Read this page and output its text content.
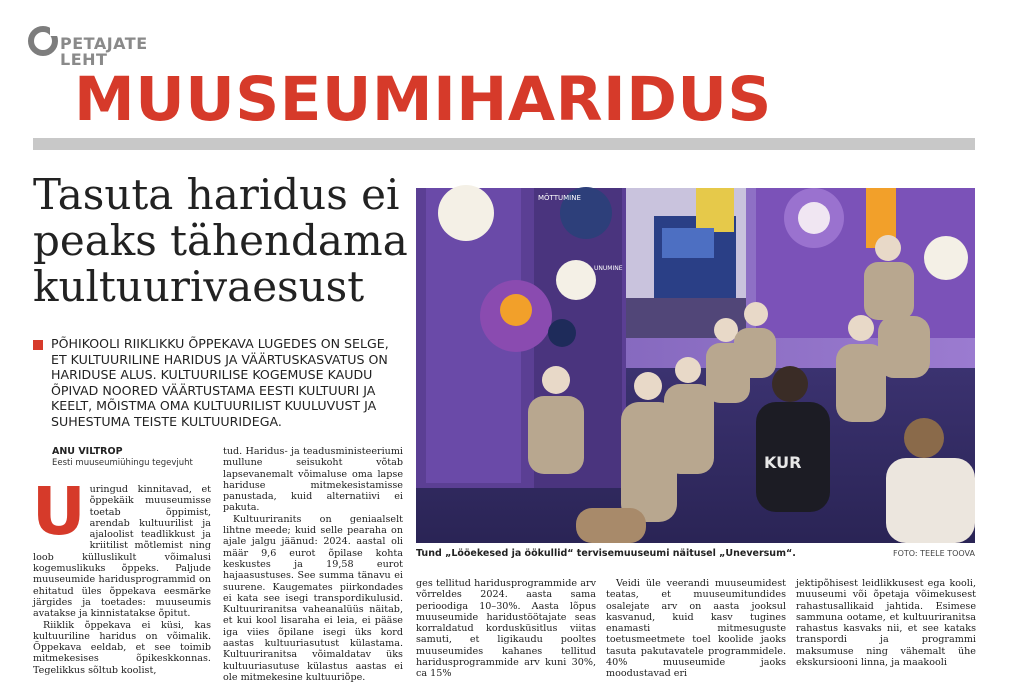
PETAJATE
LEHT
MUUSEUMIHARIDUS
Tasuta haridus ei peaks tähendama kultuurivaesust
PÕHIKOOLI RIIKLIKKU ÕPPEKAVA LUGEDES ON SELGE, ET KULTUURILINE HARIDUS JA VÄÄRTUSKASVATUS ON HARIDUSE ALUS. KULTUURILISE KOGEMUSE KAUDU ÕPIVAD NOORED VÄÄRTUSTAMA EESTI KULTUURI JA KEELT, MÕISTMA OMA KULTUURILIST KUULUVUST JA SUHESTUMA TEISTE KULTUURIDEGA.
ANU VILTROP
Eesti muuseumiühingu tegevjuht
U uringud kinnitavad, et õppekäik muuseumisse toetab õppimist, arendab kultuurilist ja ajaloolist teadlikkust ja kriitilist mõtlemist ning loob külluslikult võimalusi kogemuslikuks õppeks. Paljude muuseumide haridusprogrammid on ehitatud üles õppekava eesmärke järgides ja toetades: muuseumis avatakse ja kinnistatakse õpitut.

Riiklik õppekava ei küsi, kas kultuuriline haridus on võimalik. Õppekava eeldab, et see toimib mitmekesises õpikeskkonnas. Tegelikkus sõltub koolist,

tud. Haridus- ja teadusministeeriumi mullune seisukoht võtab lapsevanemalt võimaluse oma lapse hariduse mitmekesistamisse panustada, kuid alternatiivi ei pakuta.

Kultuuriranits on geniaalselt lihtne meede; kuid selle pearaha on ajale jalgu jäänud: 2024. aastal oli määr 9,6 eurot õpilase kohta keskustes ja 19,58 eurot hajaasustuses. See summa tänavu ei suurene. Kaugemates piirkondades ei kata see isegi transpordikulusid. Kultuuriranitsa vaheanalüüs näitab, et kui kool lisaraha ei leia, ei pääse iga viies õpilane isegi üks kord aastas kultuuriasutust külastama. Kultuuriranitsa võimaldatav üks kultuuriasutuse külastus aastas ei ole mitmekesine kultuuriõpe.

MÕTTUMINE
UNUMINE
KUR
Tund „Lööekesed ja öökullid“ tervisemuuseumi näitusel „Uneversum“.	FOTO: TEELE TOOVA

ges tellitud haridusprogrammide arv võrreldes 2024. aasta sama perioodiga 10–30%. Aasta lõpus muuseumide haridustöötajate seas korraldatud kordusküsitlus viitas samuti, et ligikaudu pooltes muuseumides kahanes tellitud haridusprogrammide arv kuni 30%, ca 15%

Veidi üle veerandi muuseumidest teatas, et muuseumitundides osalejate arv on aasta jooksul kasvanud, kuid kasv tugines enamasti mitmesuguste toetusmeetmete toel koolide jaoks tasuta pakutavatele programmidele. 40% muuseumide jaoks moodustavad eri

jektipõhisest leidlikkusest ega kooli, muuseumi või õpetaja võimekusest rahastusallikaid jahtida. Esimese sammuna ootame, et kultuuriranitsa rahastus kasvaks nii, et see kataks transpordi ja programmi maksumuse ning vähemalt ühe ekskursiooni linna, ja maakooli
